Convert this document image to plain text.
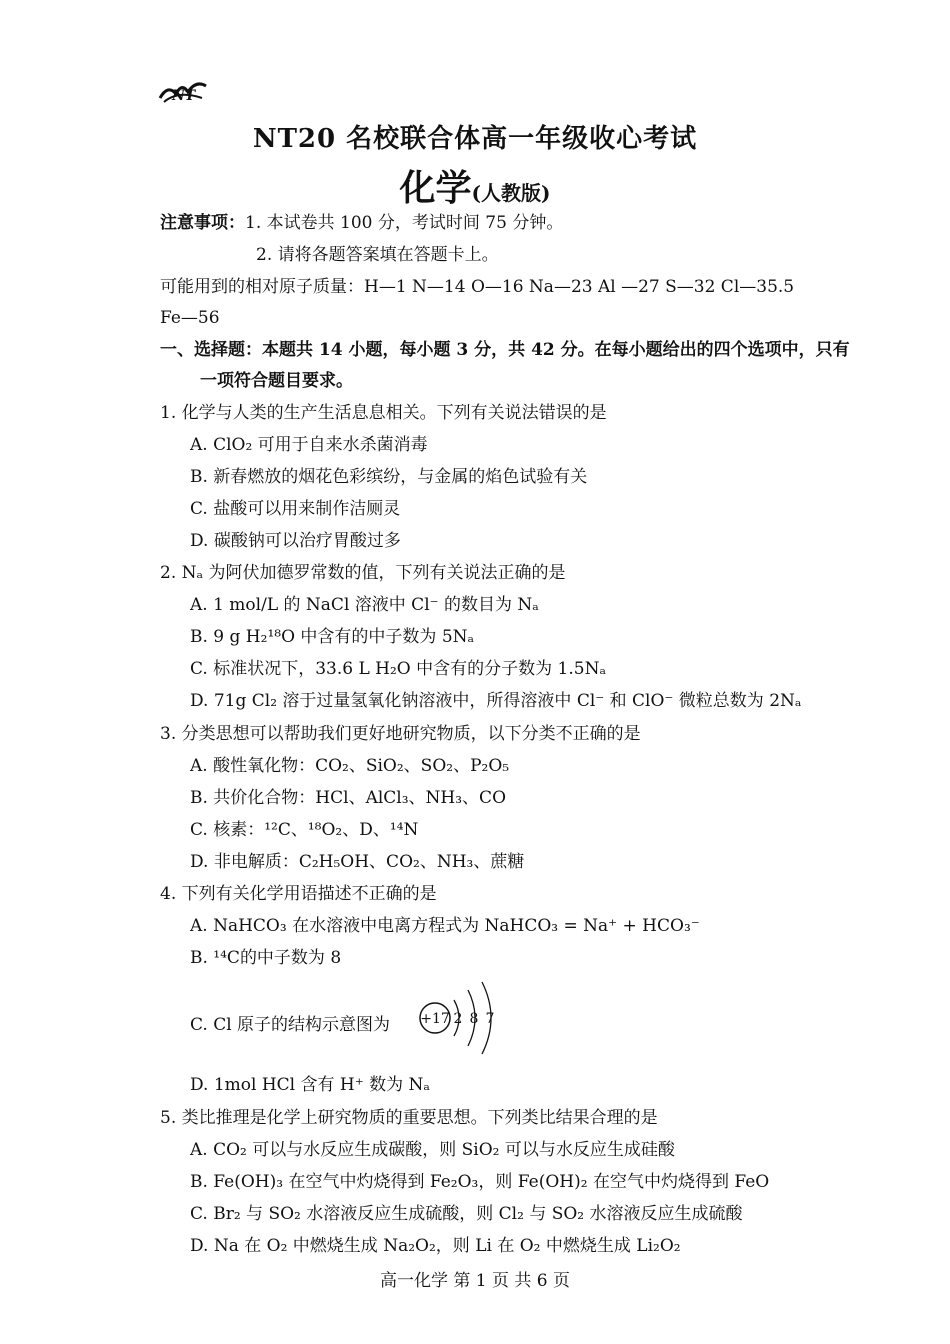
NT
NT20 名校联合体高一年级收心考试
化学(人教版)
注意事项：1. 本试卷共 100 分，考试时间 75 分钟。
2. 请将各题答案填在答题卡上。
可能用到的相对原子质量：H—1 N—14 O—16 Na—23 Al —27 S—32 Cl—35.5
Fe—56
一、选择题：本题共 14 小题，每小题 3 分，共 42 分。在每小题给出的四个选项中，只有
一项符合题目要求。
1. 化学与人类的生产生活息息相关。下列有关说法错误的是
A. ClO₂ 可用于自来水杀菌消毒
B. 新春燃放的烟花色彩缤纷，与金属的焰色试验有关
C. 盐酸可以用来制作洁厕灵
D. 碳酸钠可以治疗胃酸过多
2. Nₐ 为阿伏加德罗常数的值，下列有关说法正确的是
A. 1 mol/L 的 NaCl 溶液中 Cl⁻ 的数目为 Nₐ
B. 9 g H₂¹⁸O 中含有的中子数为 5Nₐ
C. 标准状况下，33.6 L H₂O 中含有的分子数为 1.5Nₐ
D. 71g Cl₂ 溶于过量氢氧化钠溶液中，所得溶液中 Cl⁻ 和 ClO⁻ 微粒总数为 2Nₐ
3. 分类思想可以帮助我们更好地研究物质，以下分类不正确的是
A. 酸性氧化物：CO₂、SiO₂、SO₂、P₂O₅
B. 共价化合物：HCl、AlCl₃、NH₃、CO
C. 核素：¹²C、¹⁸O₂、D、¹⁴N
D. 非电解质：C₂H₅OH、CO₂、NH₃、蔗糖
4. 下列有关化学用语描述不正确的是
A. NaHCO₃ 在水溶液中电离方程式为 NaHCO₃ = Na⁺ + HCO₃⁻
B. ¹⁴C的中子数为 8
C. Cl 原子的结构示意图为 +17 2 8 7
D. 1mol HCl 含有 H⁺ 数为 Nₐ
5. 类比推理是化学上研究物质的重要思想。下列类比结果合理的是
A. CO₂ 可以与水反应生成碳酸，则 SiO₂ 可以与水反应生成硅酸
B. Fe(OH)₃ 在空气中灼烧得到 Fe₂O₃，则 Fe(OH)₂ 在空气中灼烧得到 FeO
C. Br₂ 与 SO₂ 水溶液反应生成硫酸，则 Cl₂ 与 SO₂ 水溶液反应生成硫酸
D. Na 在 O₂ 中燃烧生成 Na₂O₂，则 Li 在 O₂ 中燃烧生成 Li₂O₂
高一化学 第 1 页 共 6 页
